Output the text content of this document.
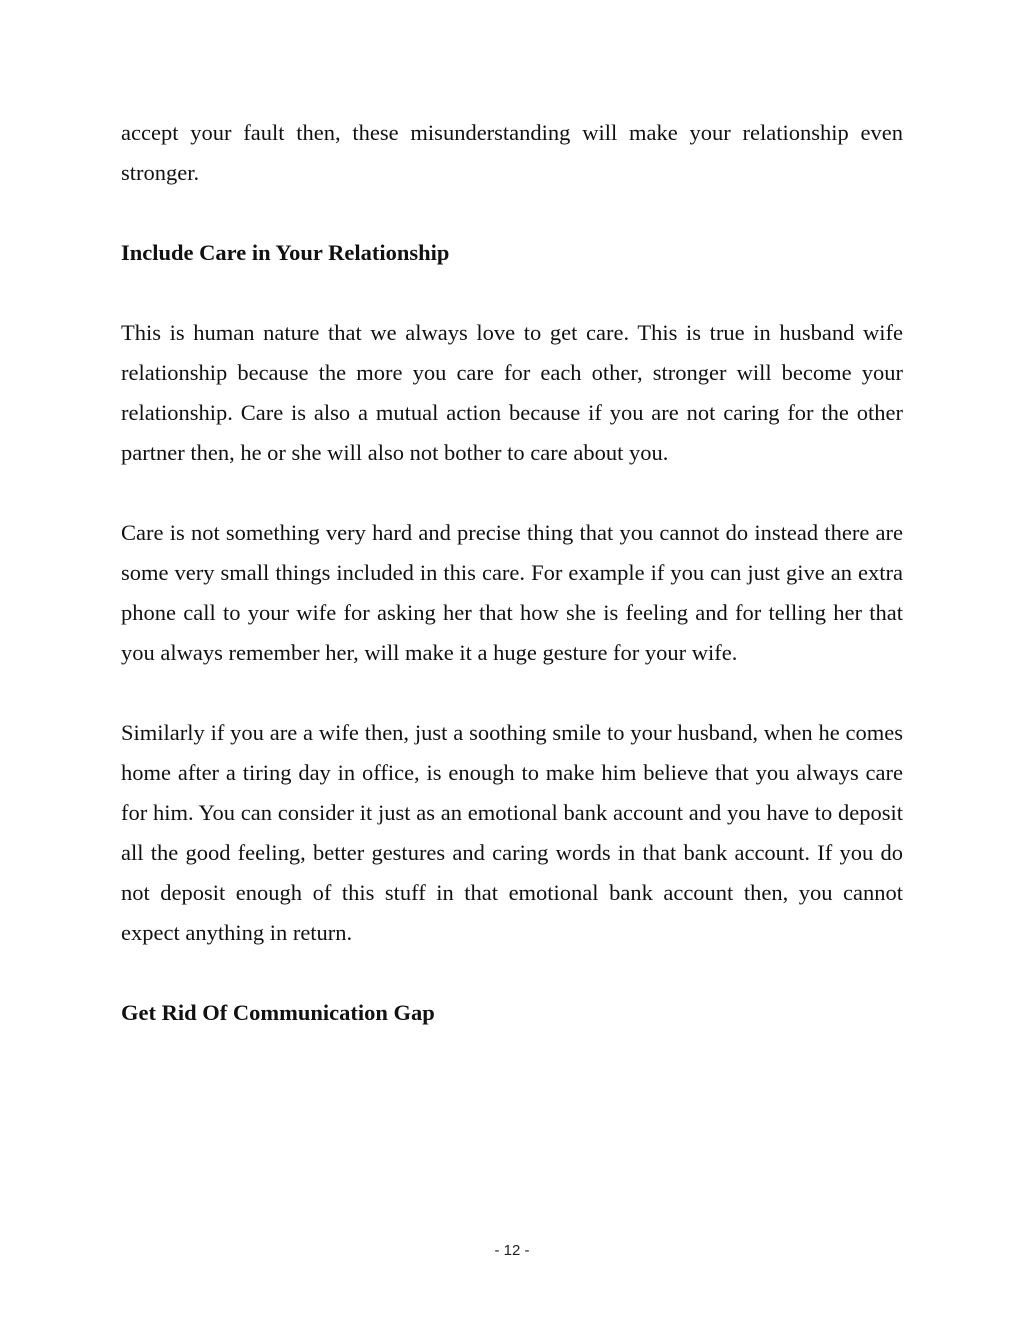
accept your fault then, these misunderstanding will make your relationship even stronger.

Include Care in Your Relationship

This is human nature that we always love to get care. This is true in husband wife relationship because the more you care for each other, stronger will become your relationship. Care is also a mutual action because if you are not caring for the other partner then, he or she will also not bother to care about you.

Care is not something very hard and precise thing that you cannot do instead there are some very small things included in this care. For example if you can just give an extra phone call to your wife for asking her that how she is feeling and for telling her that you always remember her, will make it a huge gesture for your wife.

Similarly if you are a wife then, just a soothing smile to your husband, when he comes home after a tiring day in office, is enough to make him believe that you always care for him. You can consider it just as an emotional bank account and you have to deposit all the good feeling, better gestures and caring words in that bank account. If you do not deposit enough of this stuff in that emotional bank account then, you cannot expect anything in return.

Get Rid Of Communication Gap
- 12 -
